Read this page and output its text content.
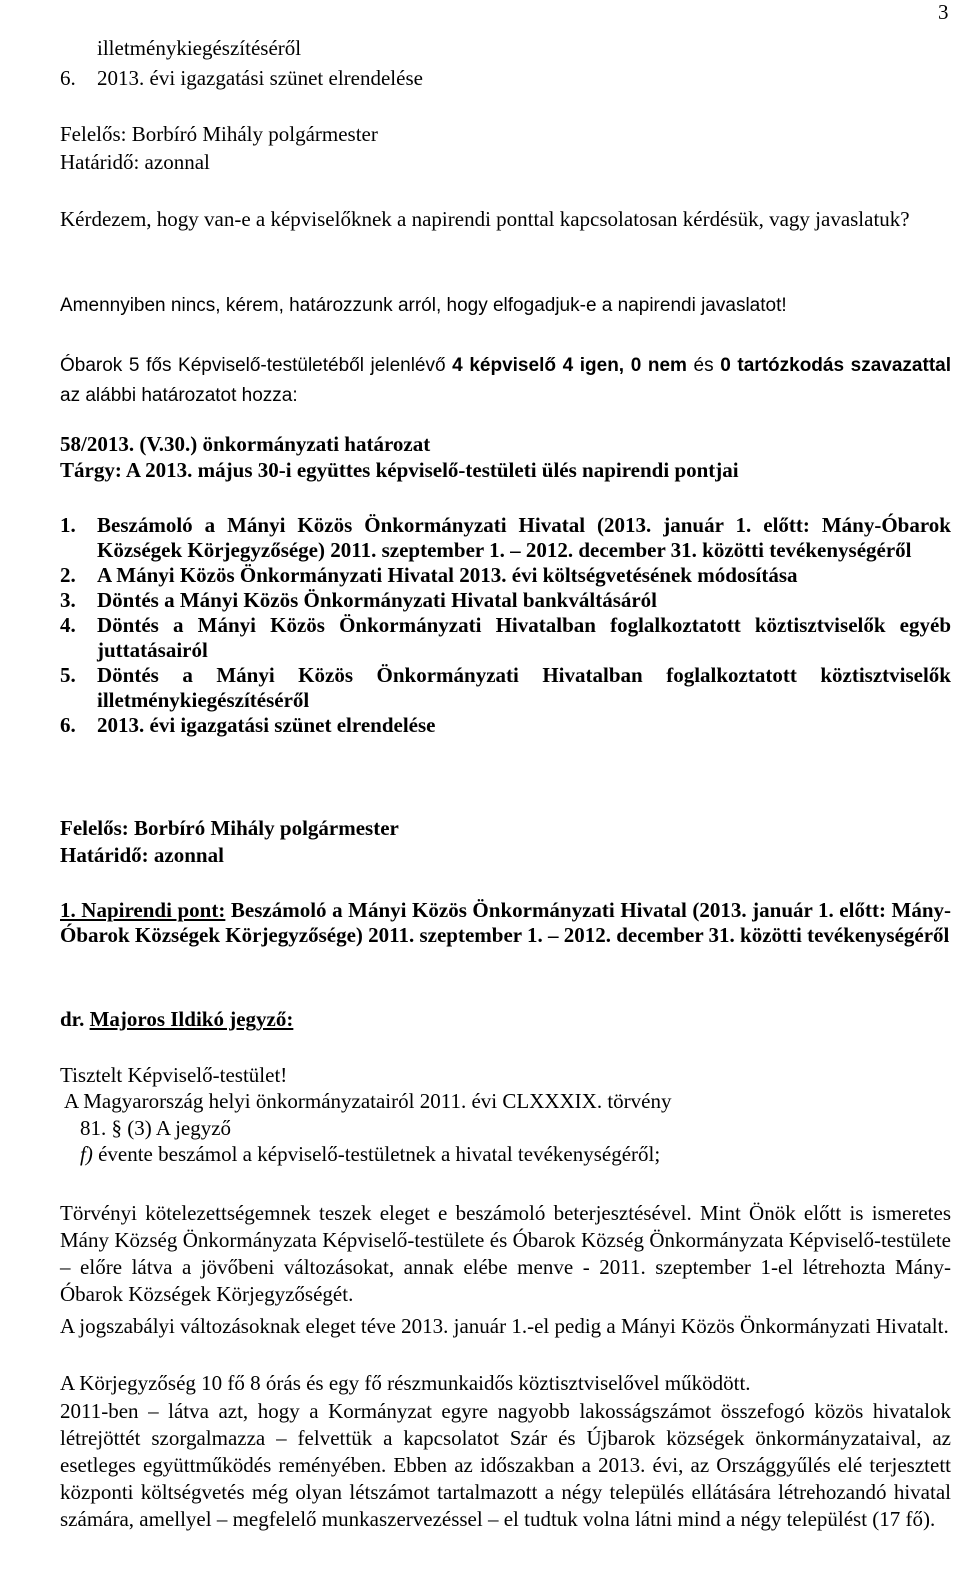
3
illetménykiegészítéséről
6. 2013. évi igazgatási szünet elrendelése
Felelős: Borbíró Mihály polgármester
Határidő: azonnal
Kérdezem, hogy van-e a képviselőknek a napirendi ponttal kapcsolatosan kérdésük, vagy javaslatuk?
Amennyiben nincs, kérem, határozzunk arról, hogy elfogadjuk-e a napirendi javaslatot!
Óbarok 5 fős Képviselő-testületéből jelenlévő 4 képviselő 4 igen, 0 nem és 0 tartózkodás szavazattal az alábbi határozatot hozza:
58/2013. (V.30.) önkormányzati határozat
Tárgy: A 2013. május 30-i együttes képviselő-testületi ülés napirendi pontjai
1. Beszámoló a Mányi Közös Önkormányzati Hivatal (2013. január 1. előtt: Mány-Óbarok Községek Körjegyzősége) 2011. szeptember 1. – 2012. december 31. közötti tevékenységéről
2. A Mányi Közös Önkormányzati Hivatal 2013. évi költségvetésének módosítása
3. Döntés a Mányi Közös Önkormányzati Hivatal bankváltásáról
4. Döntés a Mányi Közös Önkormányzati Hivatalban foglalkoztatott köztisztviselők egyéb juttatásairól
5. Döntés a Mányi Közös Önkormányzati Hivatalban foglalkoztatott köztisztviselők illetménykiegészítéséről
6. 2013. évi igazgatási szünet elrendelése
Felelős: Borbíró Mihály polgármester
Határidő: azonnal
1. Napirendi pont: Beszámoló a Mányi Közös Önkormányzati Hivatal (2013. január 1. előtt: Mány-Óbarok Községek Körjegyzősége) 2011. szeptember 1. – 2012. december 31. közötti tevékenységéről
dr. Majoros Ildikó jegyző:
Tisztelt Képviselő-testület!
A Magyarország helyi önkormányzatairól 2011. évi CLXXXIX. törvény
81. § (3) A jegyző
f) évente beszámol a képviselő-testületnek a hivatal tevékenységéről;
Törvényi kötelezettségemnek teszek eleget e beszámoló beterjesztésével. Mint Önök előtt is ismeretes Mány Község Önkormányzata Képviselő-testülete és Óbarok Község Önkormányzata Képviselő-testülete – előre látva a jövőbeni változásokat, annak elébe menve - 2011. szeptember 1-el létrehozta Mány-Óbarok Községek Körjegyzőségét.
A jogszabályi változásoknak eleget téve 2013. január 1.-el pedig a Mányi Közös Önkormányzati Hivatalt.
A Körjegyzőség 10 fő 8 órás és egy fő részmunkaidős köztisztviselővel működött.
2011-ben – látva azt, hogy a Kormányzat egyre nagyobb lakosságszámot összefogó közös hivatalok létrejöttét szorgalmazza – felvettük a kapcsolatot Szár és Újbarok községek önkormányzataival, az esetleges együttműködés reményében. Ebben az időszakban a 2013. évi, az Országgyűlés elé terjesztett központi költségvetés még olyan létszámot tartalmazott a négy település ellátására létrehozandó hivatal számára, amellyel – megfelelő munkaszervezéssel – el tudtuk volna látni mind a négy települést (17 fő).
